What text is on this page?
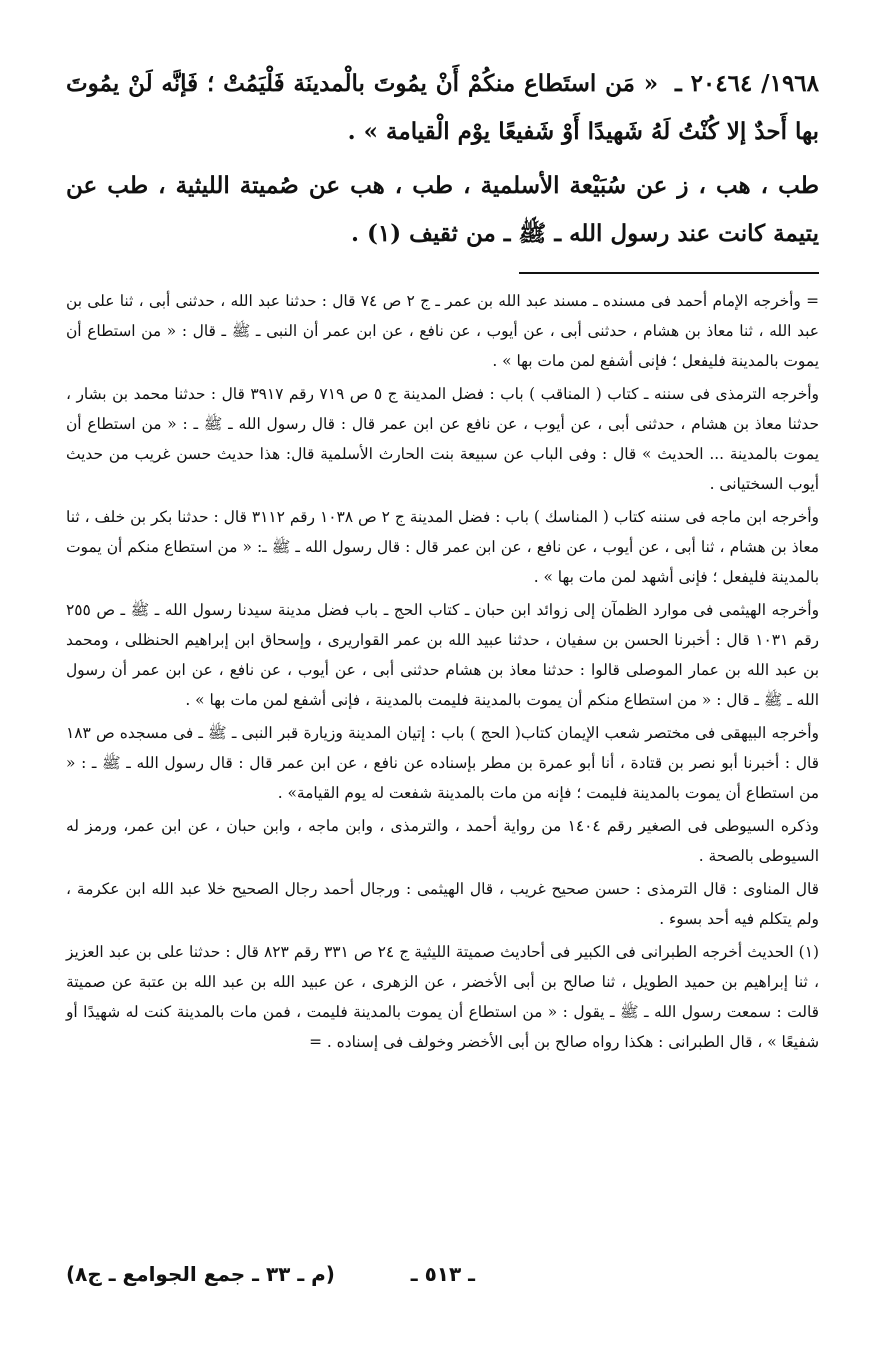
١٩٦٨/ ٢٠٤٦٤ ـ « مَن استَطاع منكُمْ أَنْ يمُوتَ بالْمدينَة فَلْيَمُتْ ؛ فَإنَّه لَنْ يمُوتَ بها أَحدٌ إلا كُنْتُ لَهُ شَهيدًا أَوْ شَفيعًا يوْم الْقيامة » .

طب ، هب ، ز عن سُبَيْعة الأسلمية ، طب ، هب عن صُميتة الليثية ، طب عن يتيمة كانت عند رسول الله ـ ﷺ ـ من ثقيف (١) .

= وأخرجه الإمام أحمد فى مسنده ـ مسند عبد الله بن عمر ـ ج ٢ ص ٧٤ قال : حدثنا عبد الله ، حدثنى أبى ، ثنا على بن عبد الله ، ثنا معاذ بن هشام ، حدثنى أبى ، عن أيوب ، عن نافع ، عن ابن عمر أن النبى ـ ﷺ ـ قال : « من استطاع أن يموت بالمدينة فليفعل ؛ فإنى أشفع لمن مات بها » .

وأخرجه الترمذى فى سننه ـ كتاب ( المناقب ) باب : فضل المدينة ج ٥ ص ٧١٩ رقم ٣٩١٧ قال : حدثنا محمد بن بشار ، حدثنا معاذ بن هشام ، حدثنى أبى ، عن أيوب ، عن نافع عن ابن عمر قال : قال رسول الله ـ ﷺ ـ : « من استطاع أن يموت بالمدينة ... الحديث » قال : وفى الباب عن سبيعة بنت الحارث الأسلمية قال: هذا حديث حسن غريب من حديث أيوب السختيانى .

وأخرجه ابن ماجه فى سننه كتاب ( المناسك ) باب : فضل المدينة ج ٢ ص ١٠٣٨ رقم ٣١١٢ قال : حدثنا بكر بن خلف ، ثنا معاذ بن هشام ، ثنا أبى ، عن أيوب ، عن نافع ، عن ابن عمر قال : قال رسول الله ـ ﷺ ـ: « من استطاع منكم أن يموت بالمدينة فليفعل ؛ فإنى أشهد لمن مات بها » .

وأخرجه الهيثمى فى موارد الظمآن إلى زوائد ابن حبان ـ كتاب الحج ـ باب فضل مدينة سيدنا رسول الله ـ ﷺ ـ ص ٢٥٥ رقم ١٠٣١ قال : أخبرنا الحسن بن سفيان ، حدثنا عبيد الله بن عمر القواريرى ، وإسحاق ابن إبراهيم الحنظلى ، ومحمد بن عبد الله بن عمار الموصلى قالوا : حدثنا معاذ بن هشام حدثنى أبى ، عن أيوب ، عن نافع ، عن ابن عمر أن رسول الله ـ ﷺ ـ قال : « من استطاع منكم أن يموت بالمدينة فليمت بالمدينة ، فإنى أشفع لمن مات بها » .

وأخرجه البيهقى فى مختصر شعب الإيمان كتاب( الحج ) باب : إتيان المدينة وزيارة قبر النبى ـ ﷺ ـ فى مسجده ص ١٨٣ قال : أخبرنا أبو نصر بن قتادة ، أنا أبو عمرة بن مطر بإسناده عن نافع ، عن ابن عمر قال : قال رسول الله ـ ﷺ ـ : « من استطاع أن يموت بالمدينة فليمت ؛ فإنه من مات بالمدينة شفعت له يوم القيامة» .

وذكره السيوطى فى الصغير رقم ١٤٠٤ من رواية أحمد ، والترمذى ، وابن ماجه ، وابن حبان ، عن ابن عمر، ورمز له السيوطى بالصحة .

قال المناوى : قال الترمذى : حسن صحيح غريب ، قال الهيثمى : ورجال أحمد رجال الصحيح خلا عبد الله ابن عكرمة ، ولم يتكلم فيه أحد بسوء .

(١) الحديث أخرجه الطبرانى فى الكبير فى أحاديث صميتة الليثية ج ٢٤ ص ٣٣١ رقم ٨٢٣ قال : حدثنا على بن عبد العزيز ، ثنا إبراهيم بن حميد الطويل ، ثنا صالح بن أبى الأخضر ، عن الزهرى ، عن عبيد الله بن عبد الله بن عتبة عن صميتة قالت : سمعت رسول الله ـ ﷺ ـ يقول : « من استطاع أن يموت بالمدينة فليمت ، فمن مات بالمدينة كنت له شهيدًا أو شفيعًا » ، قال الطبرانى : هكذا رواه صالح بن أبى الأخضر وخولف فى إسناده . =

ـ ٥١٣ ـ
(م ـ ٣٣ ـ جمع الجوامع ـ ج٨)
